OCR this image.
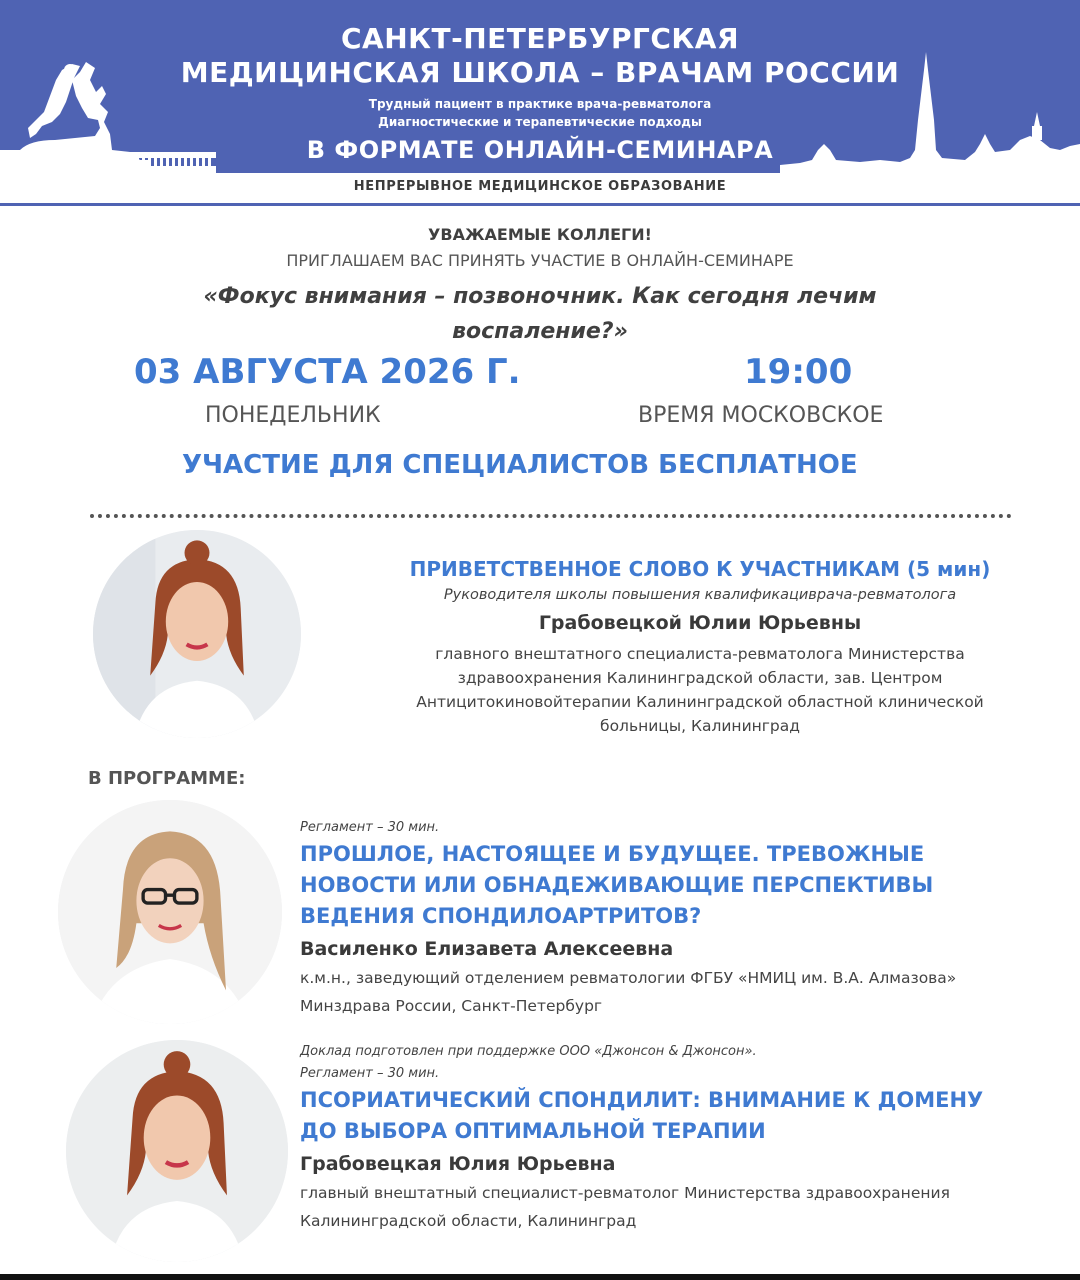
САНКТ-ПЕТЕРБУРГСКАЯ
МЕДИЦИНСКАЯ ШКОЛА – ВРАЧАМ РОССИИ
Трудный пациент в практике врача-ревматолога
Диагностические и терапевтические подходы
В ФОРМАТЕ ОНЛАЙН-СЕМИНАРА
НЕПРЕРЫВНОЕ МЕДИЦИНСКОЕ ОБРАЗОВАНИЕ
УВАЖАЕМЫЕ КОЛЛЕГИ!
ПРИГЛАШАЕМ ВАС ПРИНЯТЬ УЧАСТИЕ В ОНЛАЙН-СЕМИНАРЕ
«Фокус внимания – позвоночник. Как сегодня лечим воспаление?»
03 АВГУСТА 2026 Г.	19:00
ПОНЕДЕЛЬНИК	ВРЕМЯ МОСКОВСКОЕ
УЧАСТИЕ ДЛЯ СПЕЦИАЛИСТОВ БЕСПЛАТНОЕ
ПРИВЕТСТВЕННОЕ СЛОВО К УЧАСТНИКАМ (5 мин)
Руководителя школы повышения квалификациврача-ревматолога
Грабовецкой Юлии Юрьевны
главного внештатного специалиста-ревматолога Министерства здравоохранения Калининградской области, зав. Центром Антицитокиновойтерапии Калининградской областной клинической больницы, Калининград
В ПРОГРАММЕ:
Регламент – 30 мин.
ПРОШЛОЕ, НАСТОЯЩЕЕ И БУДУЩЕЕ. ТРЕВОЖНЫЕ НОВОСТИ ИЛИ ОБНАДЕЖИВАЮЩИЕ ПЕРСПЕКТИВЫ ВЕДЕНИЯ СПОНДИЛОАРТРИТОВ?
Василенко Елизавета Алексеевна
к.м.н., заведующий отделением ревматологии ФГБУ «НМИЦ им. В.А. Алмазова» Минздрава России, Санкт-Петербург
Доклад подготовлен при поддержке ООО «Джонсон & Джонсон».
Регламент – 30 мин.
ПСОРИАТИЧЕСКИЙ СПОНДИЛИТ: ВНИМАНИЕ К ДОМЕНУ ДО ВЫБОРА ОПТИМАЛЬНОЙ ТЕРАПИИ
Грабовецкая Юлия Юрьевна
главный внештатный специалист-ревматолог Министерства здравоохранения Калининградской области, Калининград
